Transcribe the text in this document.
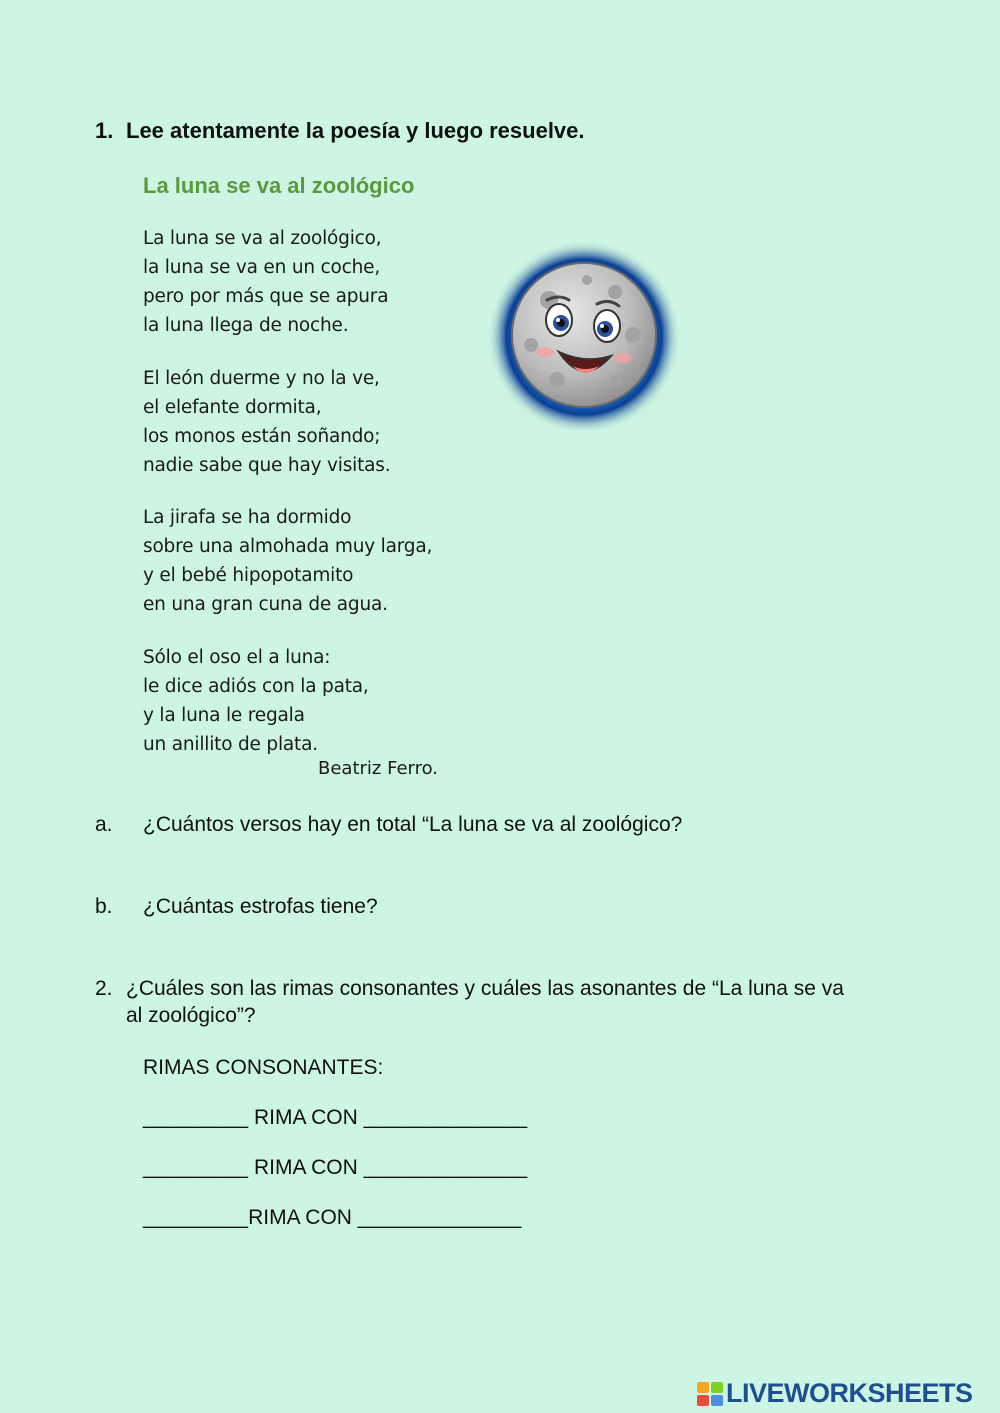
1. Lee atentamente la poesía y luego resuelve.
La luna se va al zoológico
La luna se va al zoológico,
la luna se va en un coche,
pero por más que se apura
la luna llega de noche.
El león duerme y no la ve,
el elefante dormita,
los monos están soñando;
nadie sabe que hay visitas.
La jirafa se ha dormido
sobre una almohada muy larga,
y el bebé hipopotamito
en una gran cuna de agua.
Sólo el oso el a luna:
le dice adiós con la pata,
y la luna le regala
un anillito de plata.
Beatriz Ferro.
a. ¿Cuántos versos hay en total “La luna se va al zoológico?
b. ¿Cuántas estrofas tiene?
2. ¿Cuáles son las rimas consonantes y cuáles las asonantes de “La luna se va al zoológico”?
RIMAS CONSONANTES:
_________ RIMA CON ______________
_________ RIMA CON ______________
_________RIMA CON ______________
LIVEWORKSHEETS
